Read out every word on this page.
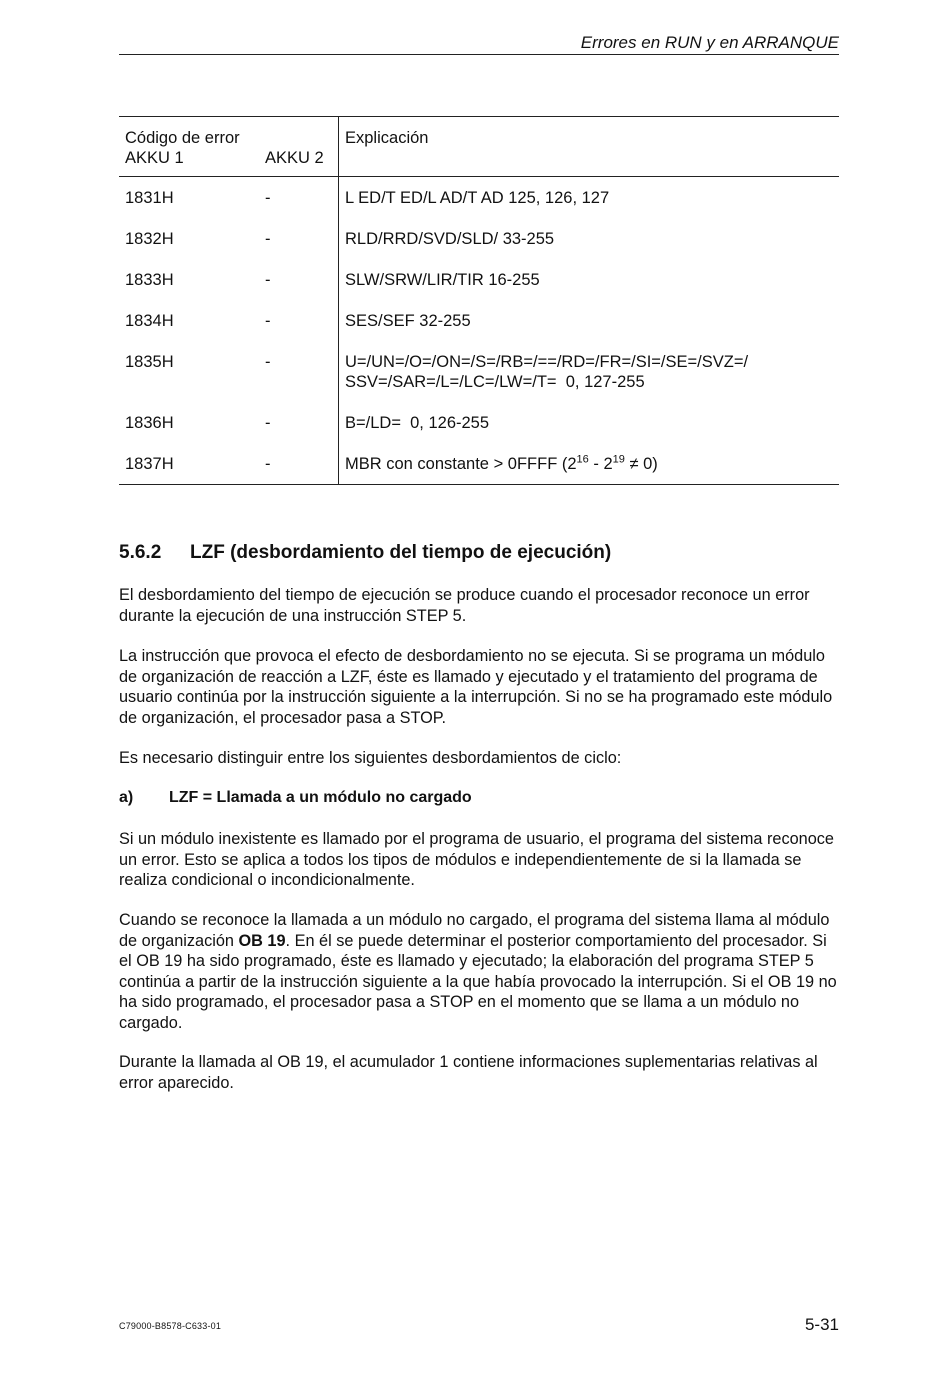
Errores en RUN y en ARRANQUE
Código de error
AKKU 1	AKKU 2	Explicación
1831H	-	L ED/T ED/L AD/T AD 125, 126, 127
1832H	-	RLD/RRD/SVD/SLD/ 33-255
1833H	-	SLW/SRW/LIR/TIR 16-255
1834H	-	SES/SEF 32-255
1835H	-	U=/UN=/O=/ON=/S=/RB=/==/RD=/FR=/SI=/SE=/SVZ=/
SSV=/SAR=/L=/LC=/LW=/T=  0, 127-255

1836H	-	B=/LD=  0, 126-255
1837H	-	MBR con constante > 0FFFF $(2^{16} - 2^{19} \ne 0)$
5.6.2 LZF (desbordamiento del tiempo de ejecución)

El desbordamiento del tiempo de ejecución se produce cuando el procesador reconoce un error durante la ejecución de una instrucción STEP 5.

La instrucción que provoca el efecto de desbordamiento no se ejecuta. Si se programa un módulo de organización de reacción a LZF, éste es llamado y ejecutado y el tratamiento del programa de usuario continúa por la instrucción siguiente a la interrupción. Si no se ha programado este módulo de organización, el procesador pasa a STOP.

Es necesario distinguir entre los siguientes desbordamientos de ciclo:

a) LZF = Llamada a un módulo no cargado

Si un módulo inexistente es llamado por el programa de usuario, el programa del sistema reconoce un error. Esto se aplica a todos los tipos de módulos e independientemente de si la llamada se realiza condicional o incondicionalmente.

Cuando se reconoce la llamada a un módulo no cargado, el programa del sistema llama al módulo de organización OB 19. En él se puede determinar el posterior comportamiento del procesador. Si el OB 19 ha sido programado, éste es llamado y ejecutado; la elaboración del programa STEP 5 continúa a partir de la instrucción siguiente a la que había provocado la interrupción. Si el OB 19 no ha sido programado, el procesador pasa a STOP en el momento que se llama a un módulo no cargado.

Durante la llamada al OB 19, el acumulador 1 contiene informaciones suplementarias relativas al error aparecido.

C79000-B8578-C633-01	5-31
